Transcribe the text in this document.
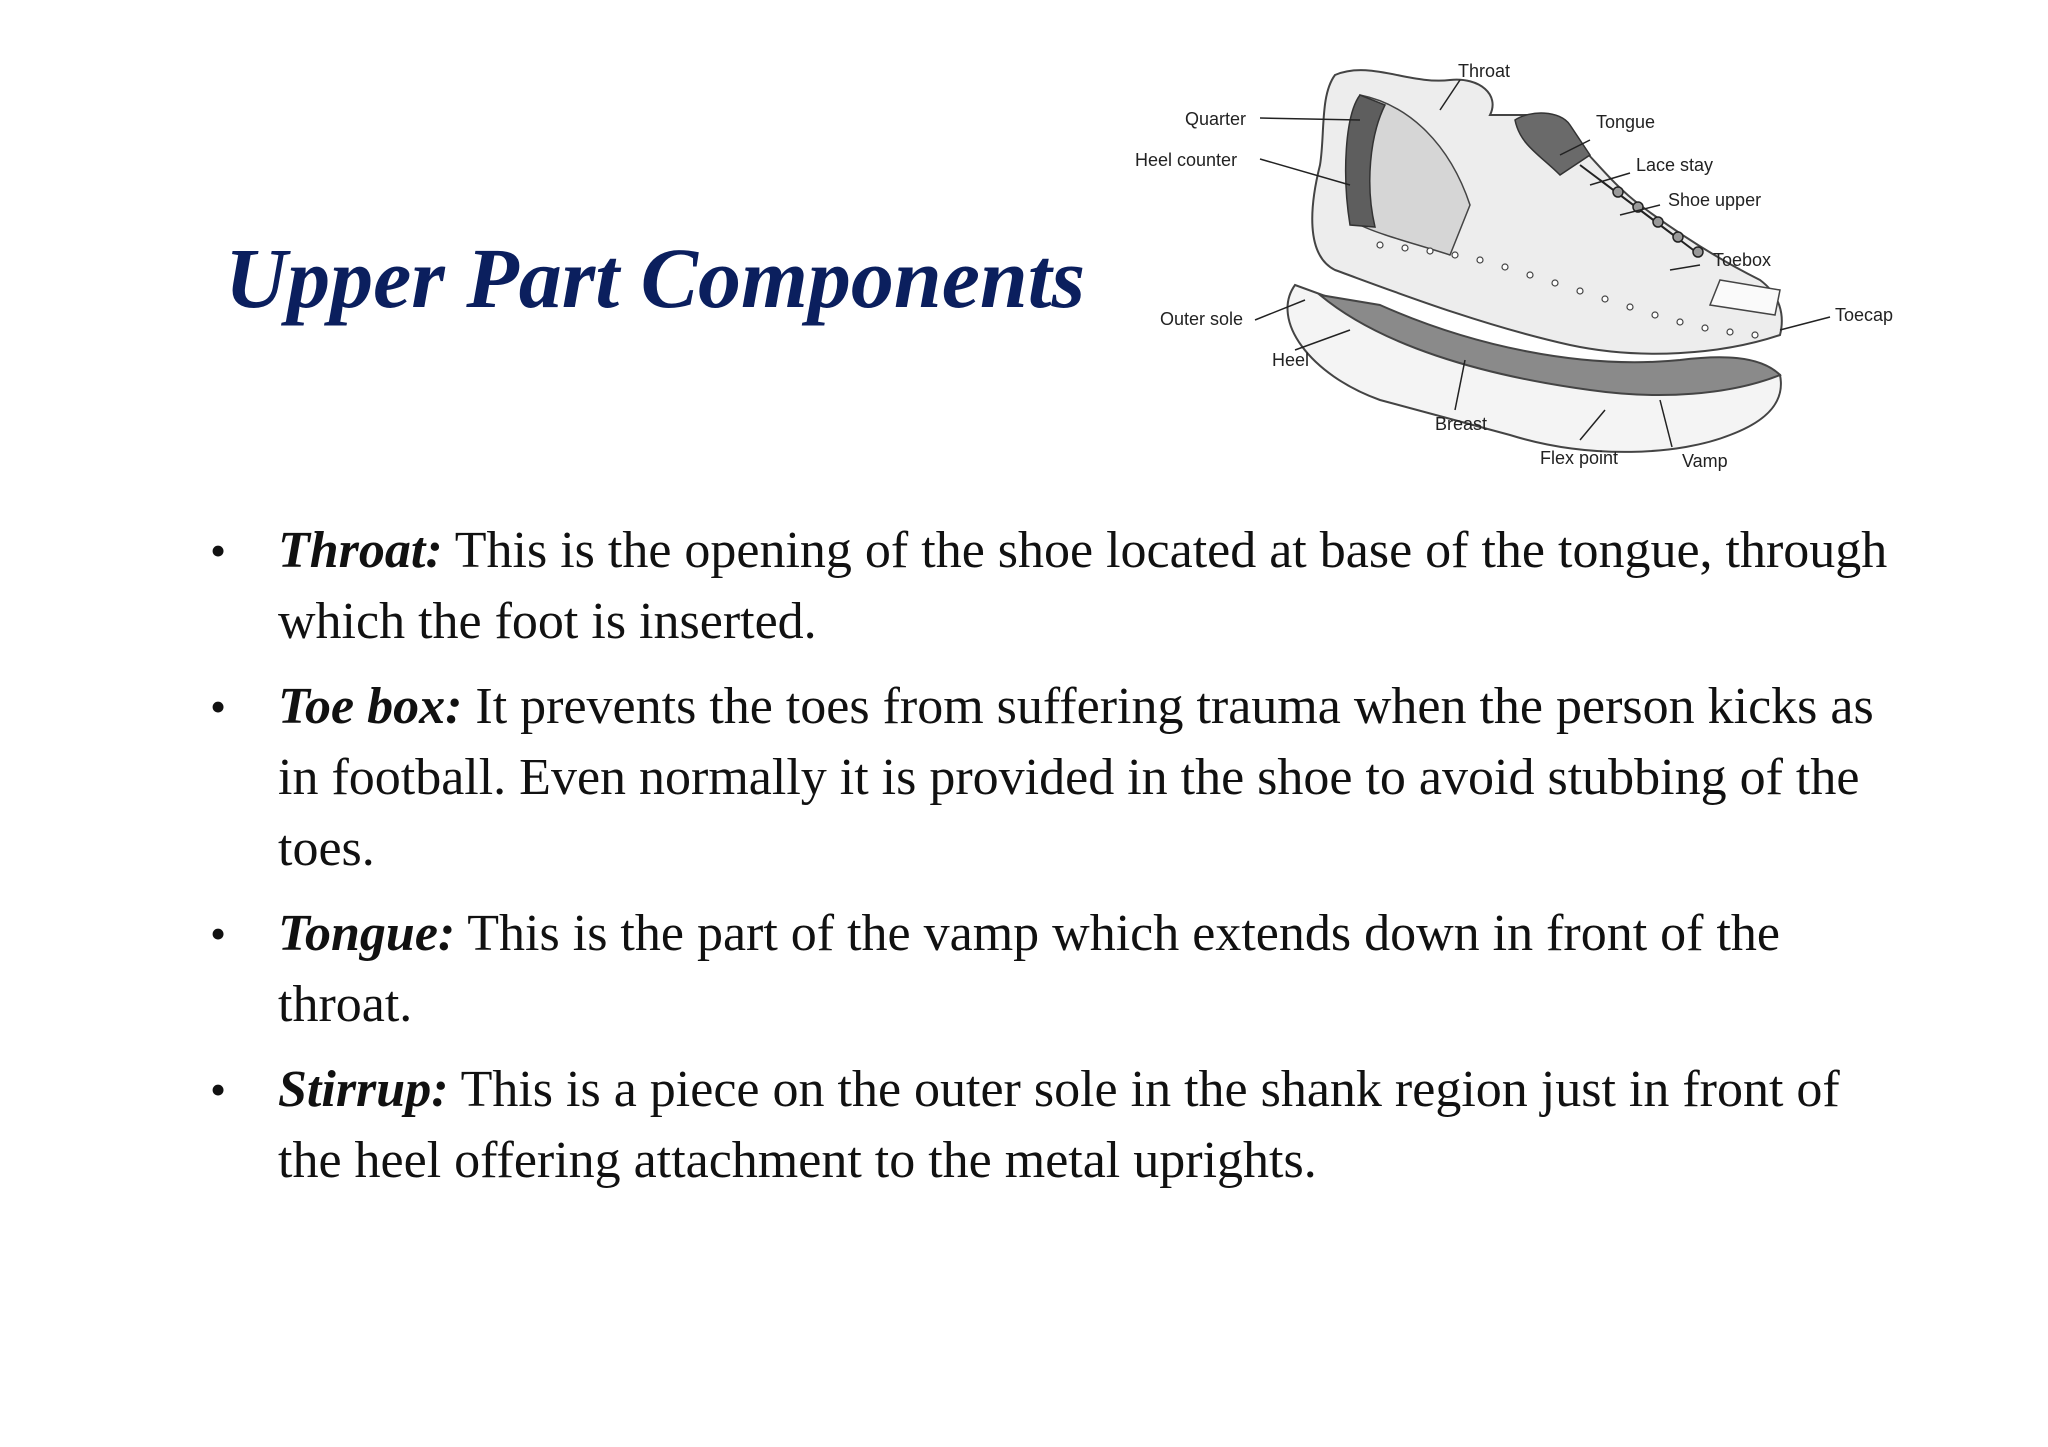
Upper Part Components
Throat
Quarter	Tongue
Heel counter	Lace stay
Shoe upper
Toebox
Outer sole	Toecap
Heel
Breast
Flex point	Vamp
• Throat: This is the opening of the shoe located at base of the tongue, through which the foot is inserted.
• Toe box: It prevents the toes from suffering trauma when the person kicks as in football. Even normally it is provided in the shoe to avoid stubbing of the toes.
• Tongue: This is the part of the vamp which extends down in front of the throat.
• Stirrup: This is a piece on the outer sole in the shank region just in front of the heel offering attachment to the metal uprights.
